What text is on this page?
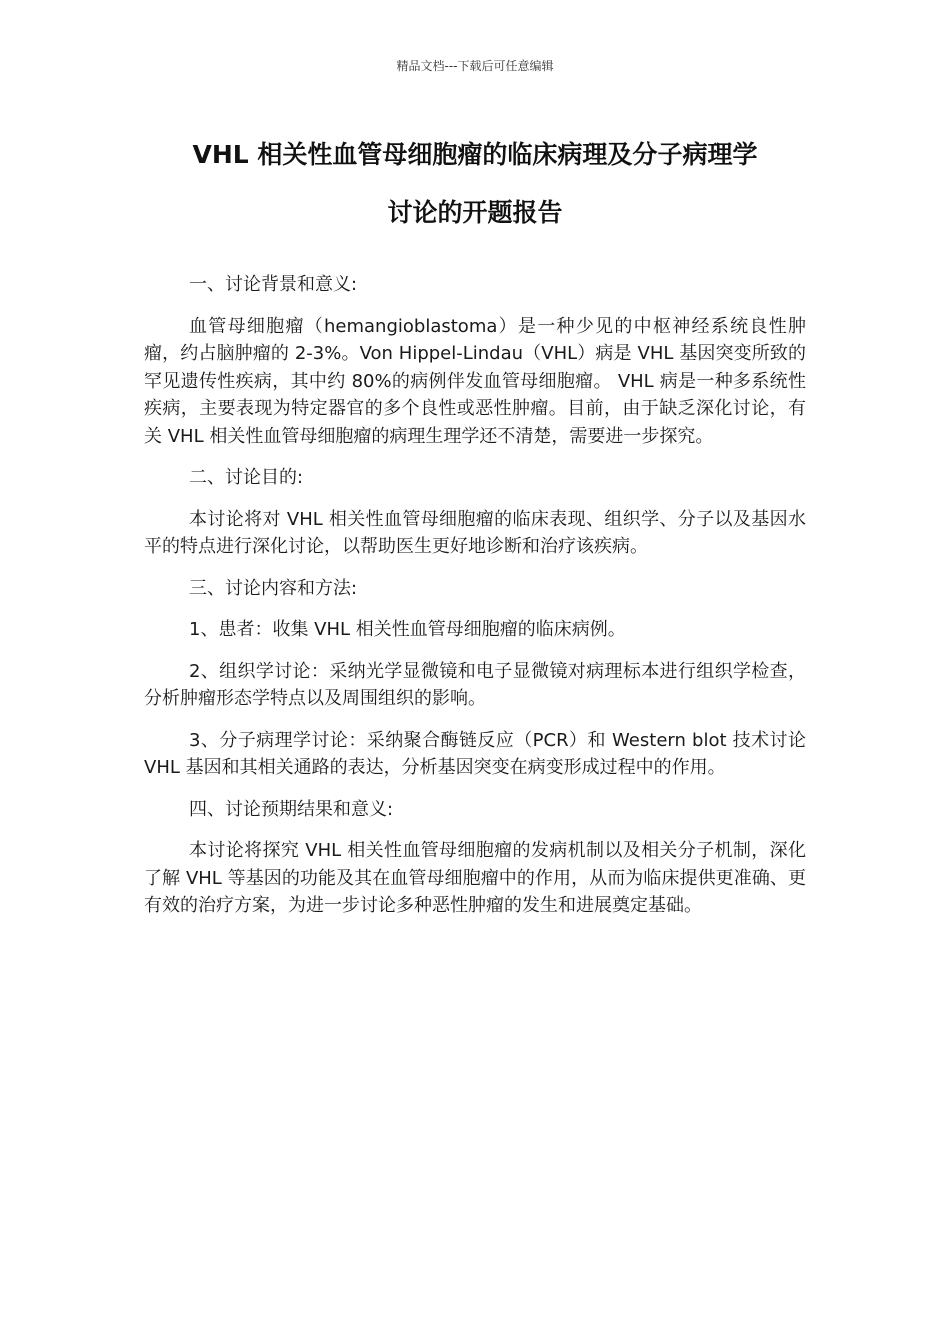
精品文档---下载后可任意编辑
VHL 相关性血管母细胞瘤的临床病理及分子病理学
讨论的开题报告

一、讨论背景和意义:

血管母细胞瘤（hemangioblastoma）是一种少见的中枢神经系统良性肿瘤，约占脑肿瘤的 2-3%。Von Hippel-Lindau（VHL）病是 VHL 基因突变所致的罕见遗传性疾病，其中约 80%的病例伴发血管母细胞瘤。 VHL 病是一种多系统性疾病，主要表现为特定器官的多个良性或恶性肿瘤。目前，由于缺乏深化讨论，有关 VHL 相关性血管母细胞瘤的病理生理学还不清楚，需要进一步探究。

二、讨论目的:

本讨论将对 VHL 相关性血管母细胞瘤的临床表现、组织学、分子以及基因水平的特点进行深化讨论，以帮助医生更好地诊断和治疗该疾病。

三、讨论内容和方法:

1、患者：收集 VHL 相关性血管母细胞瘤的临床病例。

2、组织学讨论：采纳光学显微镜和电子显微镜对病理标本进行组织学检查，分析肿瘤形态学特点以及周围组织的影响。

3、分子病理学讨论：采纳聚合酶链反应（PCR）和 Western blot 技术讨论 VHL 基因和其相关通路的表达，分析基因突变在病变形成过程中的作用。

四、讨论预期结果和意义:

本讨论将探究 VHL 相关性血管母细胞瘤的发病机制以及相关分子机制，深化了解 VHL 等基因的功能及其在血管母细胞瘤中的作用，从而为临床提供更准确、更有效的治疗方案，为进一步讨论多种恶性肿瘤的发生和进展奠定基础。
